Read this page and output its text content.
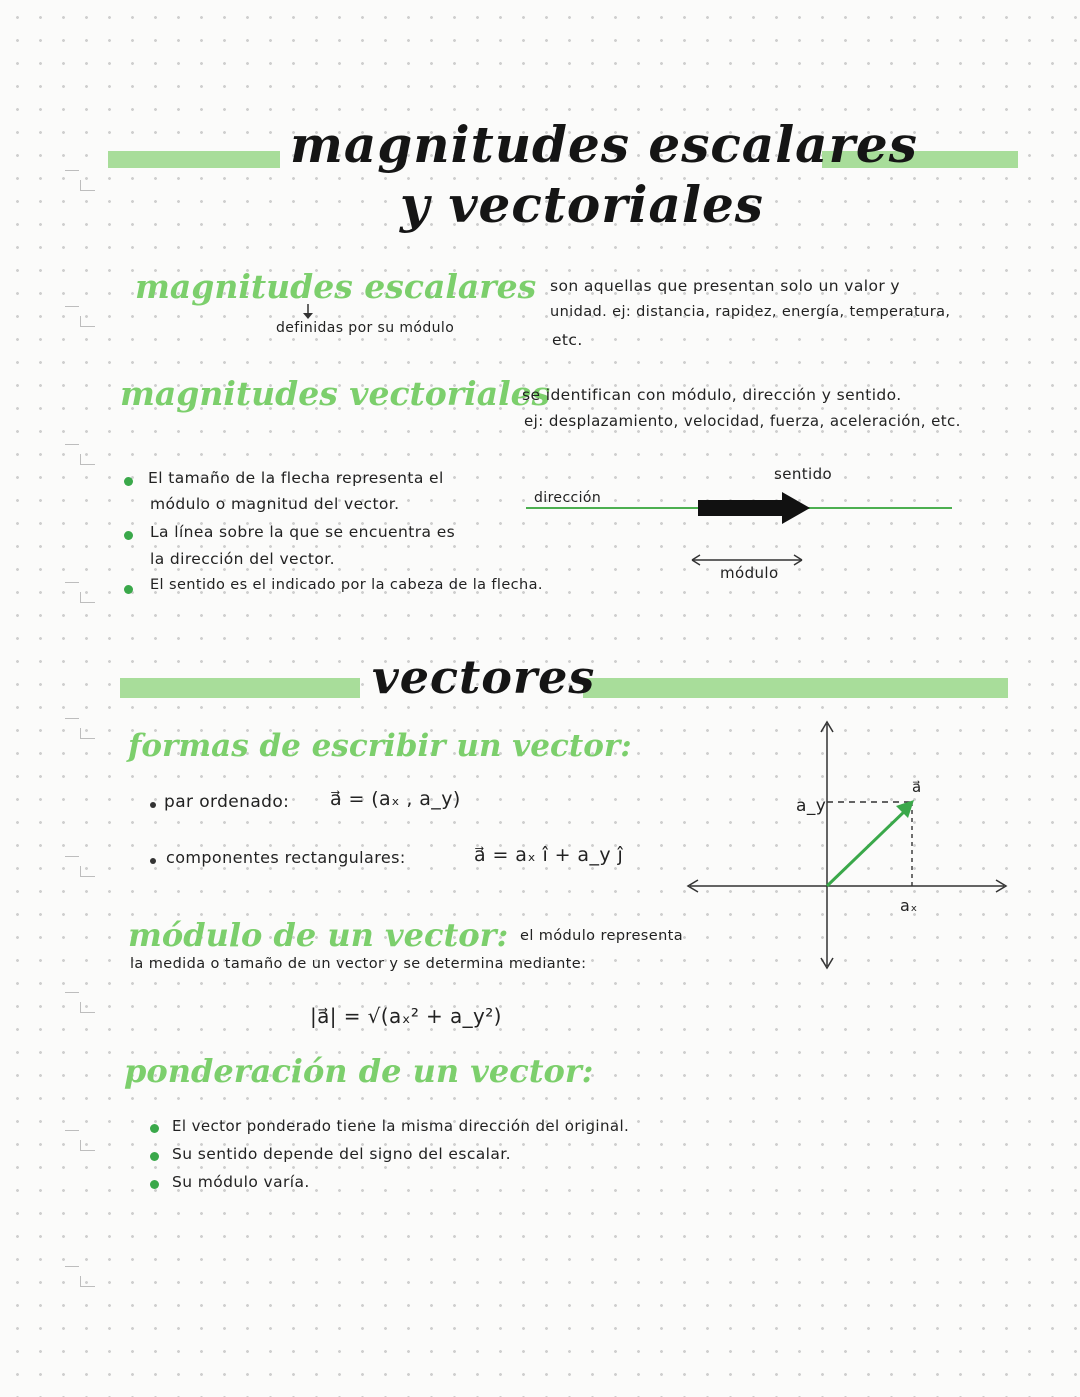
magnitudes escalares
y vectoriales
magnitudes escalares
definidas por su módulo
son aquellas que presentan solo un valor y
unidad. ej: distancia, rapidez, energía, temperatura,
etc.
magnitudes vectoriales
se identifican con módulo, dirección y sentido.
ej: desplazamiento, velocidad, fuerza, aceleración, etc.
El tamaño de la flecha representa el
módulo o magnitud del vector.
La línea sobre la que se encuentra es
la dirección del vector.
El sentido es el indicado por la cabeza de la flecha.
dirección
sentido
módulo
vectores
formas de escribir un vector:
par ordenado: a⃗ = (aₓ , a_y)
componentes rectangulares:	a⃗ = aₓ î + a_y ĵ
a_y
aₓ
a⃗
módulo de un vector: el módulo representa
la medida o tamaño de un vector y se determina mediante:
|a⃗| = √(aₓ² + a_y²)
ponderación de un vector:
El vector ponderado tiene la misma dirección del original.
Su sentido depende del signo del escalar.
Su módulo varía.
